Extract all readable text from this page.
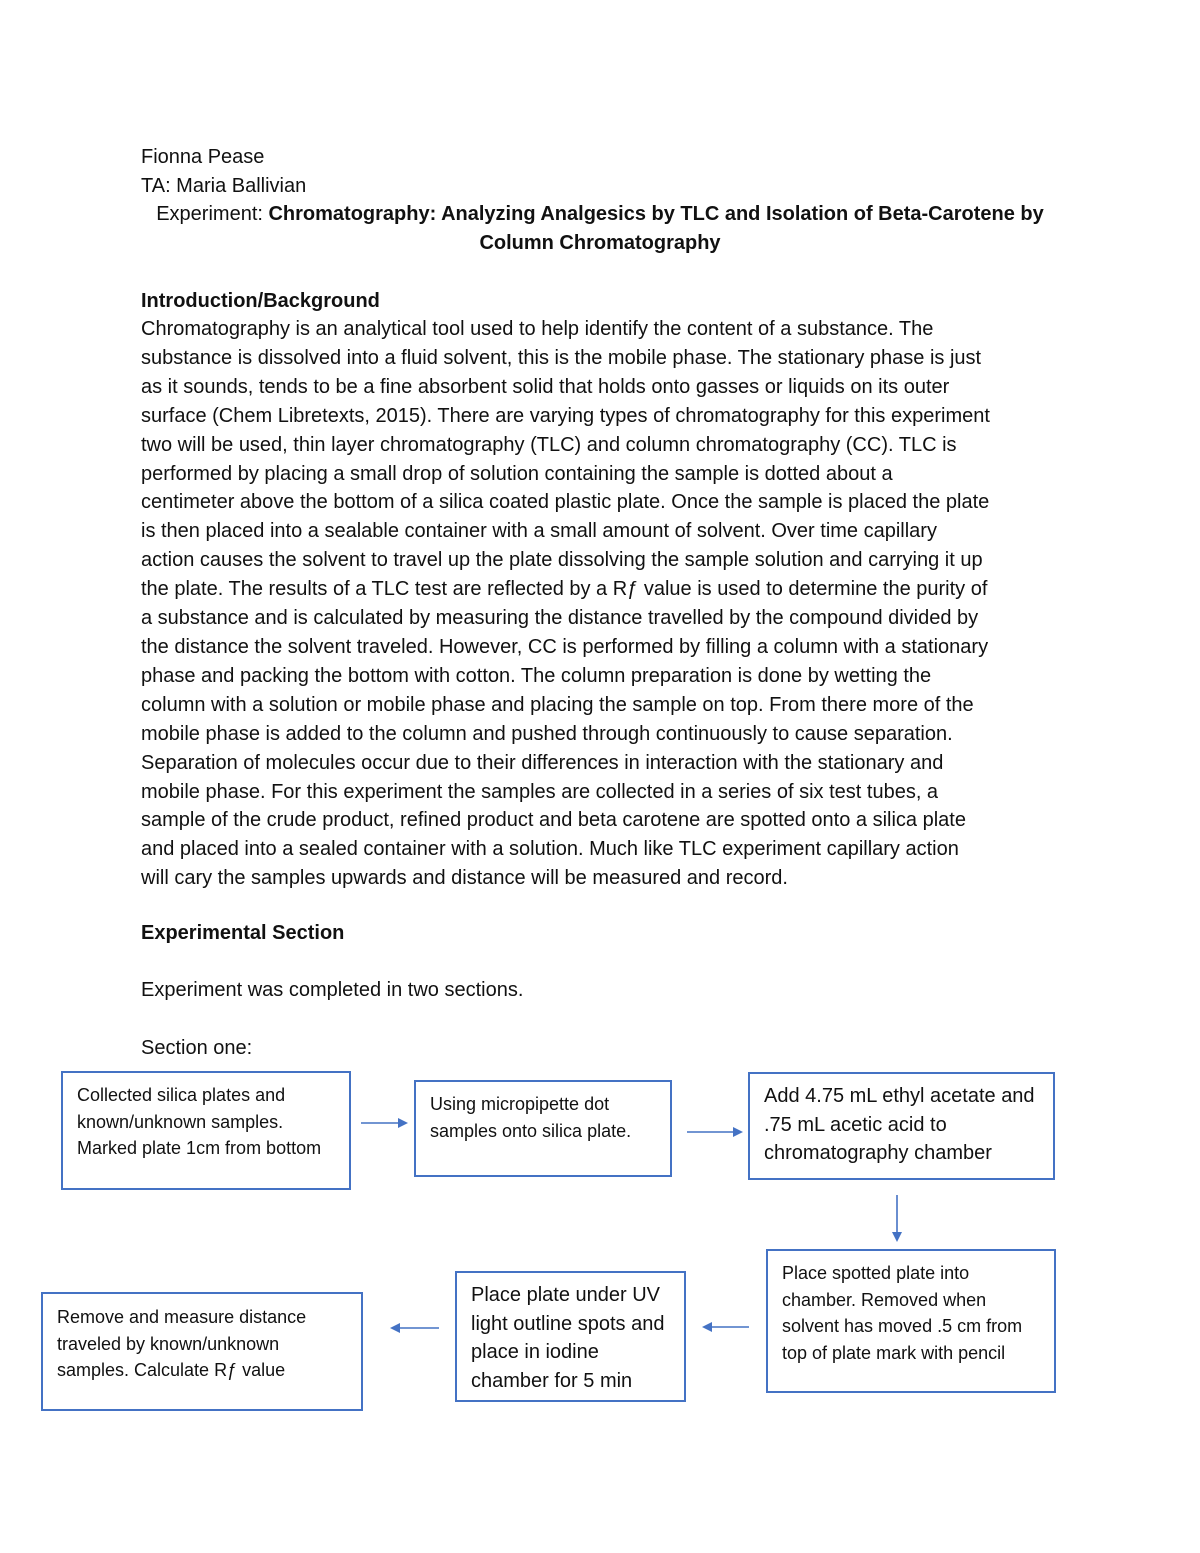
Fionna Pease
TA: Maria Ballivian
Experiment: Chromatography: Analyzing Analgesics by TLC and Isolation of Beta-Carotene by
Column Chromatography
Introduction/Background
Chromatography is an analytical tool used to help identify the content of a substance. The
substance is dissolved into a fluid solvent, this is the mobile phase. The stationary phase is just
as it sounds, tends to be a fine absorbent solid that holds onto gasses or liquids on its outer
surface (Chem Libretexts, 2015). There are varying types of chromatography for this experiment
two will be used, thin layer chromatography (TLC) and column chromatography (CC). TLC is
performed by placing a small drop of solution containing the sample is dotted about a
centimeter above the bottom of a silica coated plastic plate. Once the sample is placed the plate
is then placed into a sealable container with a small amount of solvent. Over time capillary
action causes the solvent to travel up the plate dissolving the sample solution and carrying it up
the plate. The results of a TLC test are reflected by a Rƒ value is used to determine the purity of
a substance and is calculated by measuring the distance travelled by the compound divided by
the distance the solvent traveled. However, CC is performed by filling a column with a stationary
phase and packing the bottom with cotton. The column preparation is done by wetting the
column with a solution or mobile phase and placing the sample on top. From there more of the
mobile phase is added to the column and pushed through continuously to cause separation.
Separation of molecules occur due to their differences in interaction with the stationary and
mobile phase. For this experiment the samples are collected in a series of six test tubes, a
sample of the crude product, refined product and beta carotene are spotted onto a silica plate
and placed into a sealed container with a solution. Much like TLC experiment capillary action
will cary the samples upwards and distance will be measured and record.
Experimental Section
Experiment was completed in two sections.
Section one:
Collected silica plates and known/unknown samples. Marked plate 1cm from bottom
Using micropipette dot samples onto silica plate.
Add 4.75 mL ethyl acetate and .75 mL acetic acid to chromatography chamber
Place spotted plate into chamber. Removed when solvent has moved .5 cm from top of plate mark with pencil
Place plate under UV light outline spots and place in iodine chamber for 5 min
Remove and measure distance traveled by known/unknown samples. Calculate Rƒ value
